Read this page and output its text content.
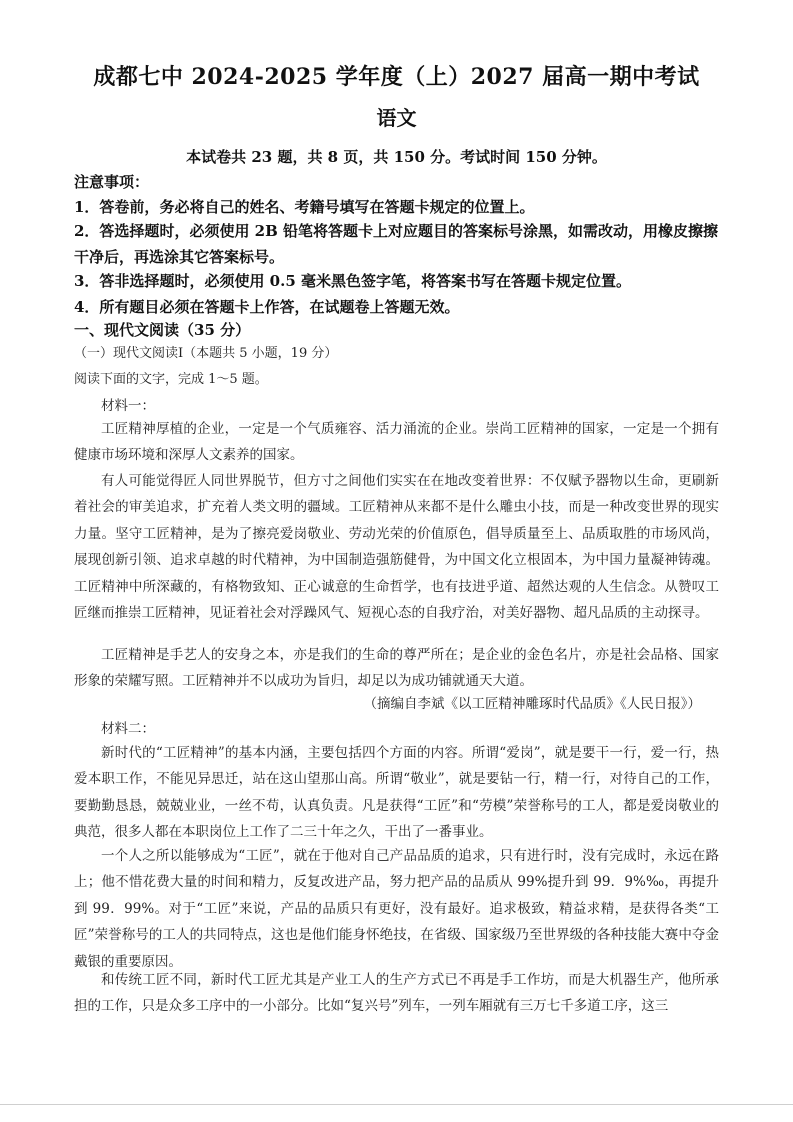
成都七中 2024-2025 学年度（上）2027 届高一期中考试
语文
本试卷共 23 题，共 8 页，共 150 分。考试时间 150 分钟。
注意事项：
1．答卷前，务必将自己的姓名、考籍号填写在答题卡规定的位置上。
2．答选择题时，必须使用 2B 铅笔将答题卡上对应题目的答案标号涂黑，如需改动，用橡皮擦擦干净后，再选涂其它答案标号。
3．答非选择题时，必须使用 0.5 毫米黑色签字笔，将答案书写在答题卡规定位置。
4．所有题目必须在答题卡上作答，在试题卷上答题无效。
一、现代文阅读（35 分）
（一）现代文阅读Ⅰ（本题共 5 小题，19 分）
阅读下面的文字，完成 1～5 题。
材料一：
工匠精神厚植的企业，一定是一个气质雍容、活力涌流的企业。崇尚工匠精神的国家，一定是一个拥有健康市场环境和深厚人文素养的国家。
有人可能觉得匠人同世界脱节，但方寸之间他们实实在在地改变着世界：不仅赋予器物以生命，更刷新着社会的审美追求，扩充着人类文明的疆域。工匠精神从来都不是什么雕虫小技，而是一种改变世界的现实力量。坚守工匠精神，是为了擦亮爱岗敬业、劳动光荣的价值原色，倡导质量至上、品质取胜的市场风尚，展现创新引领、追求卓越的时代精神，为中国制造强筋健骨，为中国文化立根固本，为中国力量凝神铸魂。工匠精神中所深藏的，有格物致知、正心诚意的生命哲学，也有技进乎道、超然达观的人生信念。从赞叹工匠继而推崇工匠精神，见证着社会对浮躁风气、短视心态的自我疗治，对美好器物、超凡品质的主动探寻。
工匠精神是手艺人的安身之本，亦是我们的生命的尊严所在；是企业的金色名片，亦是社会品格、国家形象的荣耀写照。工匠精神并不以成功为旨归，却足以为成功铺就通天大道。
（摘编自李斌《以工匠精神雕琢时代品质》《人民日报》）
材料二：
新时代的“工匠精神”的基本内涵，主要包括四个方面的内容。所谓“爱岗”，就是要干一行，爱一行，热爱本职工作，不能见异思迁，站在这山望那山高。所谓“敬业”，就是要钻一行，精一行，对待自己的工作，要勤勤恳恳，兢兢业业，一丝不苟，认真负责。凡是获得“工匠”和“劳模”荣誉称号的工人，都是爱岗敬业的典范，很多人都在本职岗位上工作了二三十年之久，干出了一番事业。
一个人之所以能够成为“工匠”，就在于他对自己产品品质的追求，只有进行时，没有完成时，永远在路上；他不惜花费大量的时间和精力，反复改进产品，努力把产品的品质从 99%提升到 99．9%‰，再提升到 99．99%。对于“工匠”来说，产品的品质只有更好，没有最好。追求极致，精益求精，是获得各类“工匠”荣誉称号的工人的共同特点，这也是他们能身怀绝技，在省级、国家级乃至世界级的各种技能大赛中夺金戴银的重要原因。
和传统工匠不同，新时代工匠尤其是产业工人的生产方式已不再是手工作坊，而是大机器生产，他所承担的工作，只是众多工序中的一小部分。比如“复兴号”列车，一列车厢就有三万七千多道工序，这三
